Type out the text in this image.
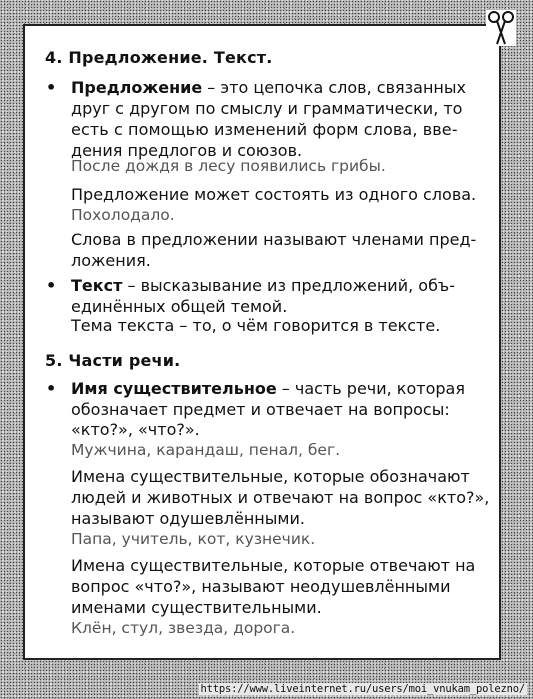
4. Предложение. Текст.
• Предложение – это цепочка слов, связанных
друг с другом по смыслу и грамматически, то
есть с помощью изменений форм слова, вве-
дения предлогов и союзов.
После дождя в лесу появились грибы.
Предложение может состоять из одного слова.
Похолодало.
Слова в предложении называют членами пред-
ложения.
• Текст – высказывание из предложений, объ-
единённых общей темой.
Тема текста – то, о чём говорится в тексте.
5. Части речи.
• Имя существительное – часть речи, которая
обозначает предмет и отвечает на вопросы:
«кто?», «что?».
Мужчина, карандаш, пенал, бег.
Имена существительные, которые обозначают
людей и животных и отвечают на вопрос «кто?»,
называют одушевлёнными.
Папа, учитель, кот, кузнечик.
Имена существительные, которые отвечают на
вопрос «что?», называют неодушевлёнными
именами существительными.
Клён, стул, звезда, дорога.
https://www.liveinternet.ru/users/moi_vnukam_polezno/
